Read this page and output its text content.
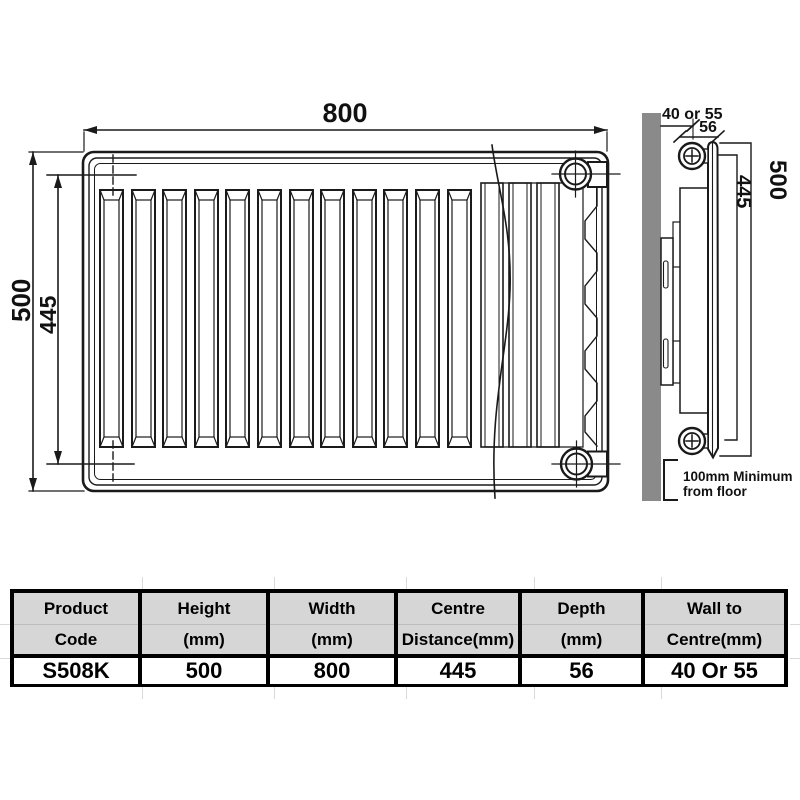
800
500 445
40 or 55
56
445 500
100mm Minimum
from floor
Product
Code
S508K
Height
(mm)
500
Width
(mm)
800
Centre
Distance(mm)
445
Depth
(mm)
56
Wall to
Centre(mm)
40 Or 55
